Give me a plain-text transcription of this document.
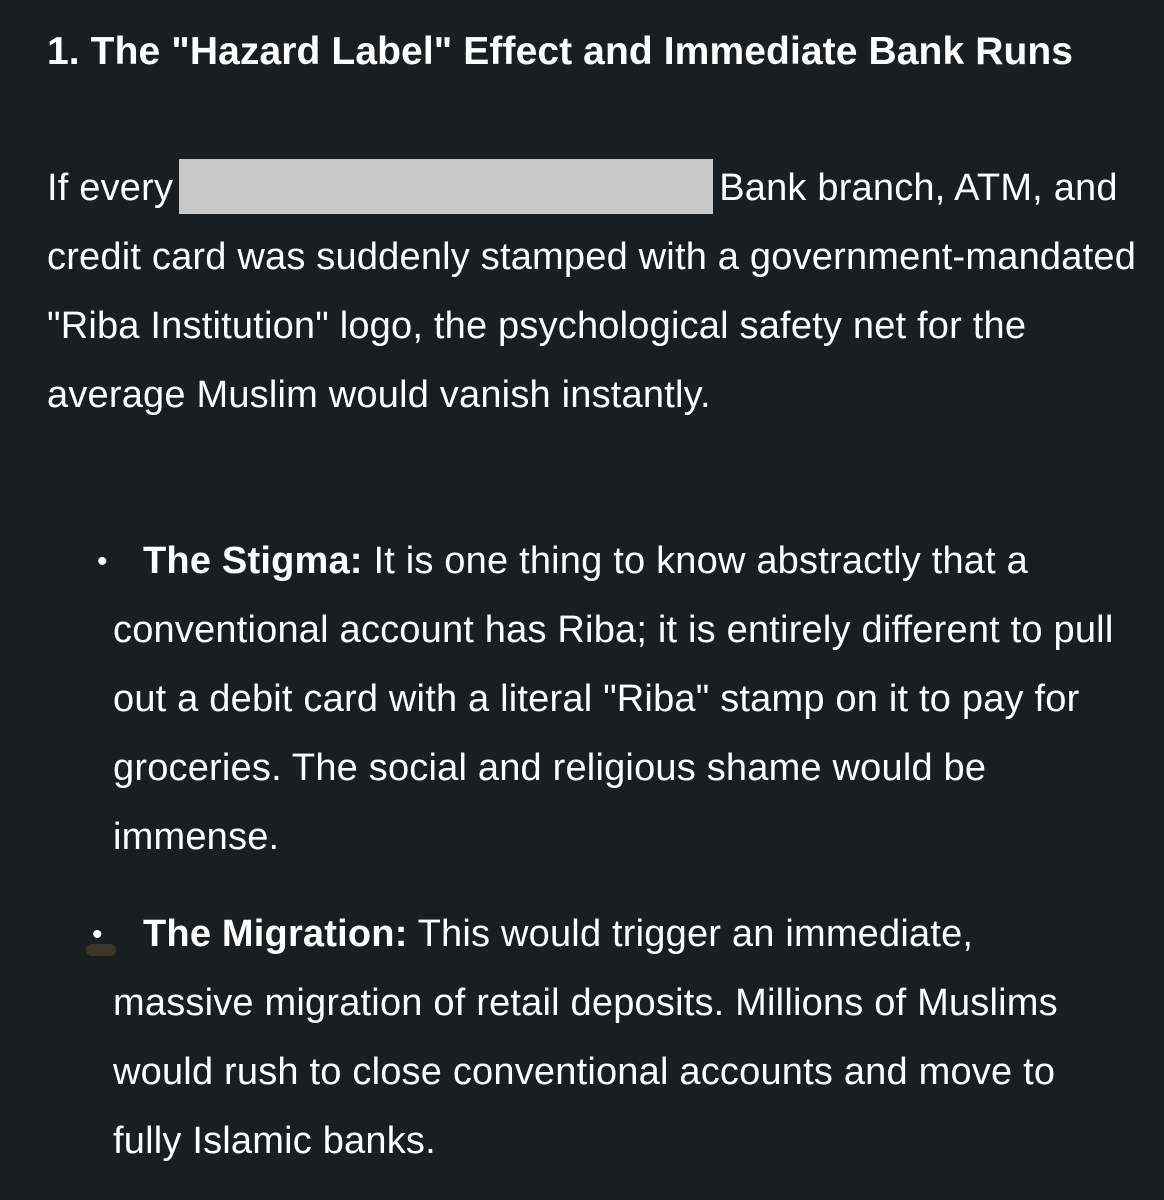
1. The "Hazard Label" Effect and Immediate Bank Runs

If every	Bank branch, ATM, and credit card was suddenly stamped with a government-mandated "Riba Institution" logo, the psychological safety net for the average Muslim would vanish instantly.

• The Stigma: It is one thing to know abstractly that a conventional account has Riba; it is entirely different to pull out a debit card with a literal "Riba" stamp on it to pay for groceries. The social and religious shame would be immense.
• The Migration: This would trigger an immediate, massive migration of retail deposits. Millions of Muslims would rush to close conventional accounts and move to fully Islamic banks.
